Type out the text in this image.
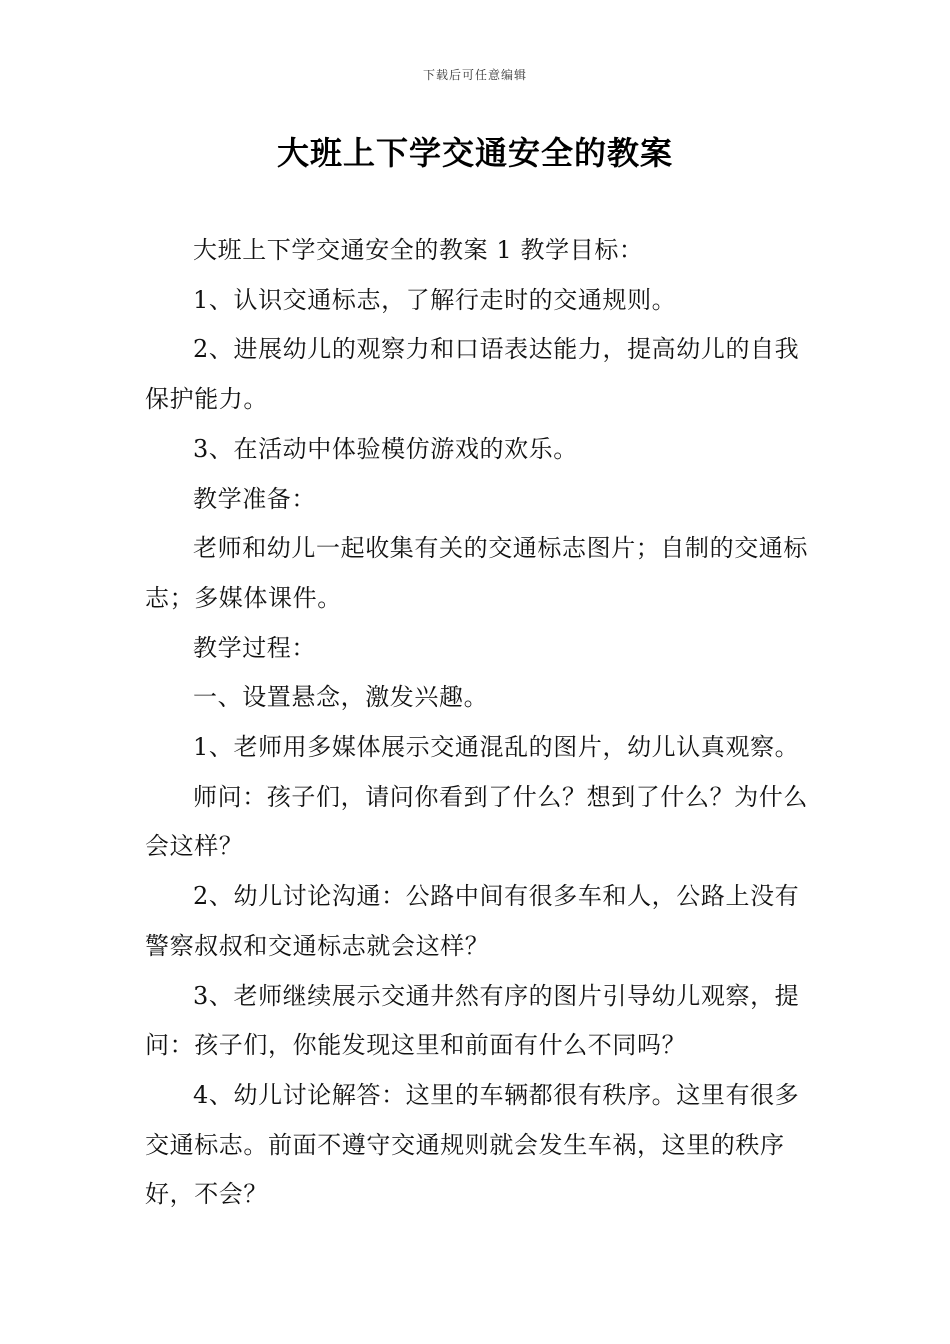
下载后可任意编辑
大班上下学交通安全的教案

大班上下学交通安全的教案 1 教学目标：

1、认识交通标志，了解行走时的交通规则。

2、进展幼儿的观察力和口语表达能力，提高幼儿的自我保护能力。

3、在活动中体验模仿游戏的欢乐。

教学准备：

老师和幼儿一起收集有关的交通标志图片；自制的交通标志；多媒体课件。

教学过程：

一、设置悬念，激发兴趣。

1、老师用多媒体展示交通混乱的图片，幼儿认真观察。

师问：孩子们，请问你看到了什么？想到了什么？为什么会这样？

2、幼儿讨论沟通：公路中间有很多车和人，公路上没有警察叔叔和交通标志就会这样？

3、老师继续展示交通井然有序的图片引导幼儿观察，提问：孩子们，你能发现这里和前面有什么不同吗？

4、幼儿讨论解答：这里的车辆都很有秩序。这里有很多交通标志。前面不遵守交通规则就会发生车祸，这里的秩序好，不会？
